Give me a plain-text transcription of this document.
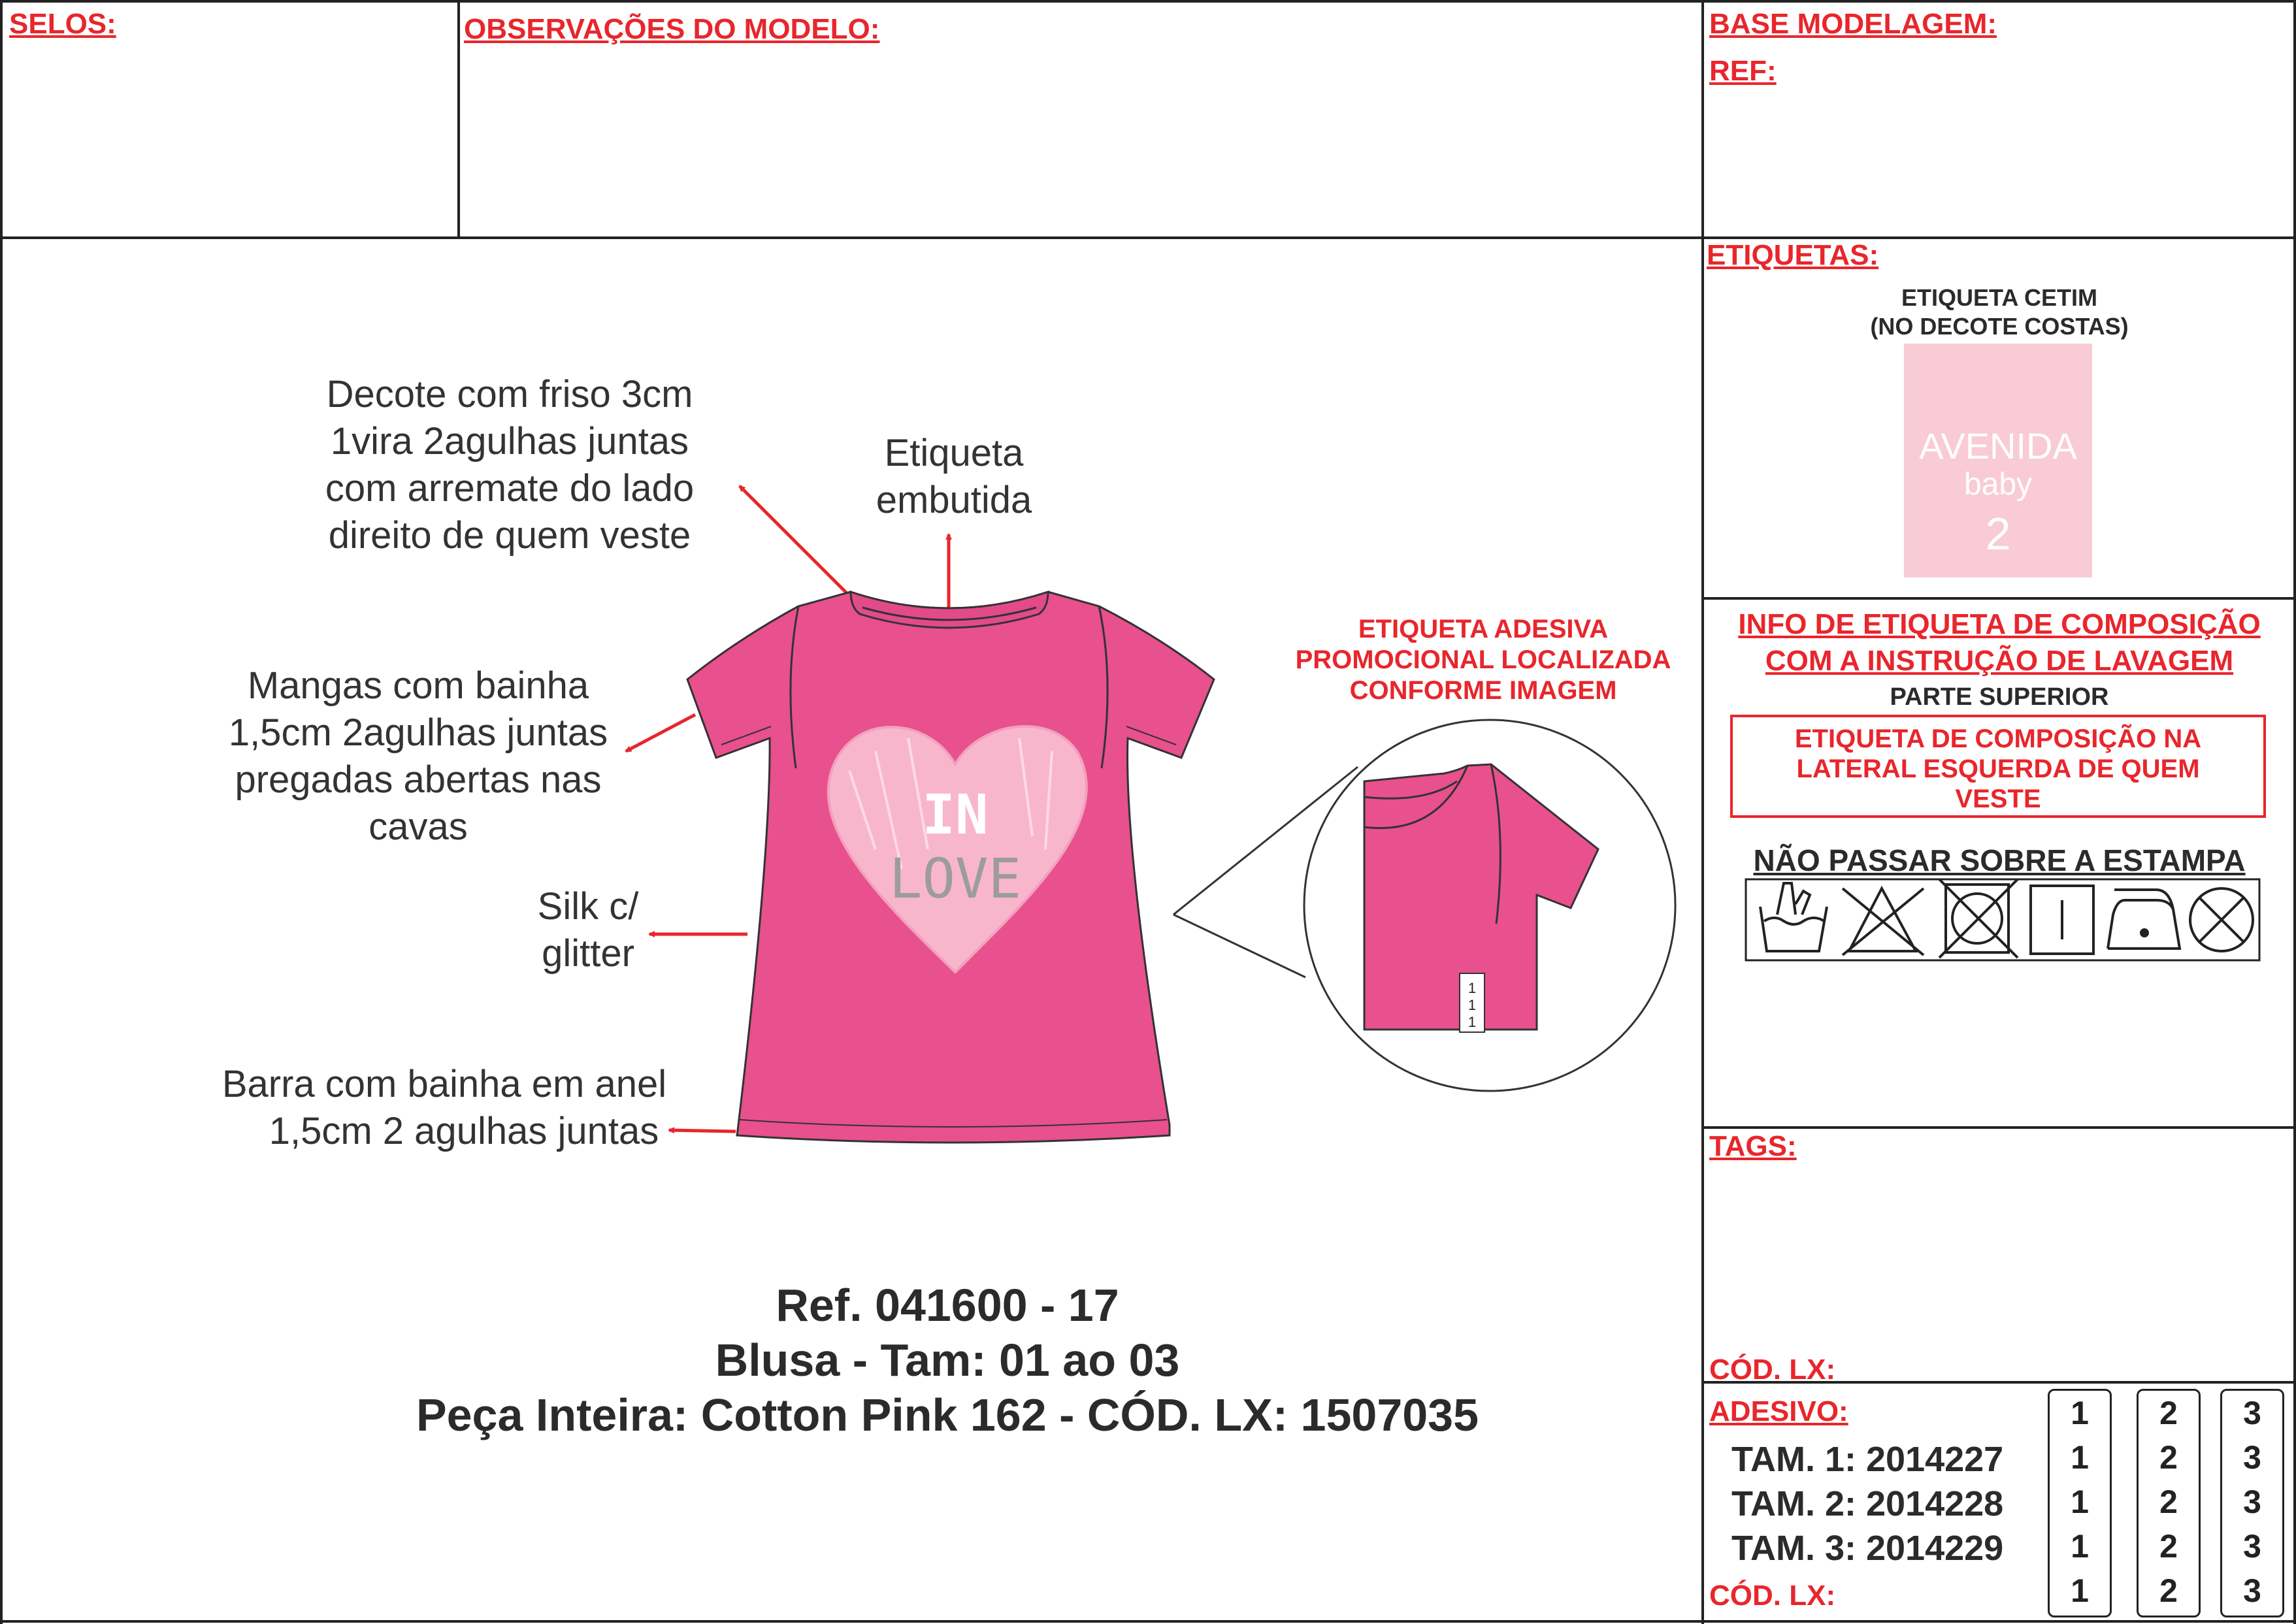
SELOS:	OBSERVAÇÕES DO MODELO:	BASE MODELAGEM:
REF:
Decote com friso 3cm
1vira 2agulhas juntas
com arremate do lado
direito de quem veste
Etiqueta
embutida
Mangas com bainha
1,5cm 2agulhas juntas
pregadas abertas nas
cavas
Silk c/
glitter
Barra com bainha em anel
1,5cm 2 agulhas juntas
ETIQUETA ADESIVA
PROMOCIONAL LOCALIZADA
CONFORME IMAGEM
IN
LOVE
1
1
1
Ref. 041600 - 17
Blusa - Tam: 01 ao 03
Peça Inteira: Cotton Pink 162 - CÓD. LX: 1507035
ETIQUETAS:
ETIQUETA CETIM
(NO DECOTE COSTAS)
AVENIDA
baby
2
INFO DE ETIQUETA DE COMPOSIÇÃO
COM A INSTRUÇÃO DE LAVAGEM
PARTE SUPERIOR
ETIQUETA DE COMPOSIÇÃO NA
LATERAL ESQUERDA DE QUEM
VESTE
NÃO PASSAR SOBRE A ESTAMPA
TAGS:
CÓD. LX:
ADESIVO:
TAM. 1: 2014227
TAM. 2: 2014228
TAM. 3: 2014229
CÓD. LX:
1
1
1
1
1
2
2
2
2
2
3
3
3
3
3
